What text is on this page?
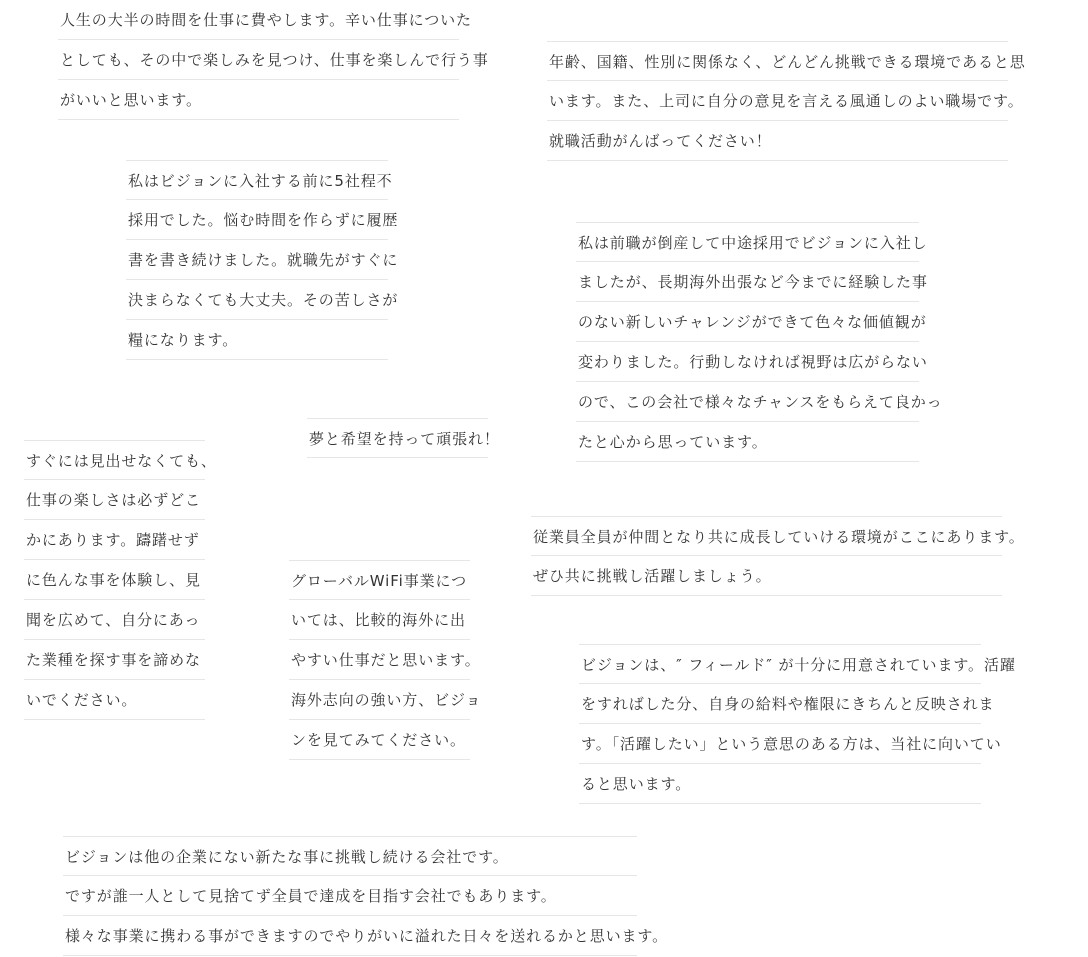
人生の大半の時間を仕事に費やします。辛い仕事についた
としても、その中で楽しみを見つけ、仕事を楽しんで行う事
がいいと思います。
年齢、国籍、性別に関係なく、どんどん挑戦できる環境であると思
います。また、上司に自分の意見を言える風通しのよい職場です。
就職活動がんばってください！
私はビジョンに入社する前に5社程不
採用でした。悩む時間を作らずに履歴
書を書き続けました。就職先がすぐに
決まらなくても大丈夫。その苦しさが
糧になります。
私は前職が倒産して中途採用でビジョンに入社し
ましたが、長期海外出張など今までに経験した事
のない新しいチャレンジができて色々な価値観が
変わりました。行動しなければ視野は広がらない
ので、この会社で様々なチャンスをもらえて良かっ
たと心から思っています。
夢と希望を持って頑張れ！
すぐには見出せなくても、
仕事の楽しさは必ずどこ
かにあります。躊躇せず
に色んな事を体験し、見
聞を広めて、自分にあっ
た業種を探す事を諦めな
いでください。
従業員全員が仲間となり共に成長していける環境がここにあります。
ぜひ共に挑戦し活躍しましょう。
グローバルWiFi事業につ
いては、比較的海外に出
やすい仕事だと思います。
海外志向の強い方、ビジョ
ンを見てみてください。
ビジョンは、″ フィールド″ が十分に用意されています。活躍
をすればした分、自身の給料や権限にきちんと反映されま
す。「活躍したい」という意思のある方は、当社に向いてい
ると思います。
ビジョンは他の企業にない新たな事に挑戦し続ける会社です。
ですが誰一人として見捨てず全員で達成を目指す会社でもあります。
様々な事業に携わる事ができますのでやりがいに溢れた日々を送れるかと思います。
